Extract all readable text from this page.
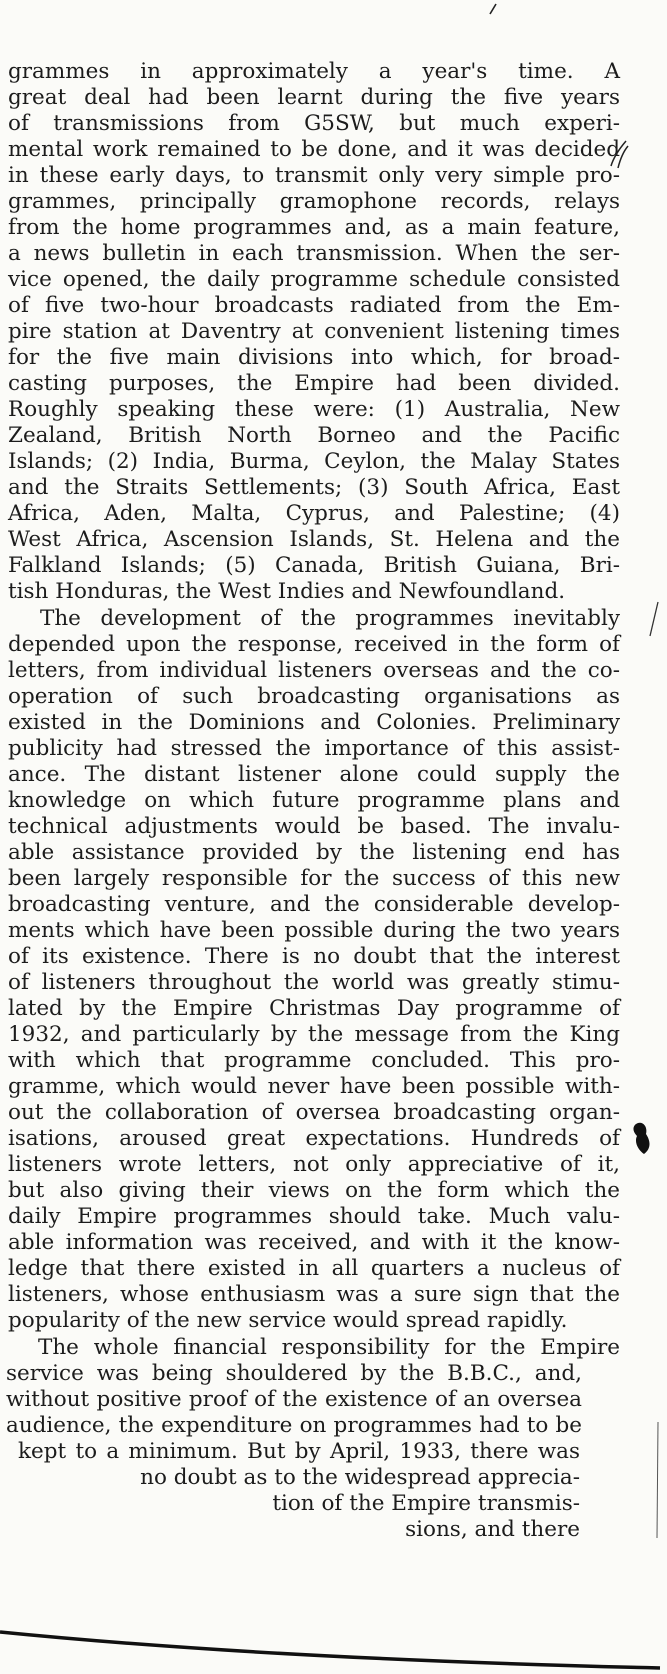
grammes in approximately a year's time. A
great deal had been learnt during the five years
of transmissions from G5SW, but much experi-
mental work remained to be done, and it was decided
in these early days, to transmit only very simple pro-
grammes, principally gramophone records, relays
from the home programmes and, as a main feature,
a news bulletin in each transmission. When the ser-
vice opened, the daily programme schedule consisted
of five two-hour broadcasts radiated from the Em-
pire station at Daventry at convenient listening times
for the five main divisions into which, for broad-
casting purposes, the Empire had been divided.
Roughly speaking these were: (1) Australia, New
Zealand, British North Borneo and the Pacific
Islands; (2) India, Burma, Ceylon, the Malay States
and the Straits Settlements; (3) South Africa, East
Africa, Aden, Malta, Cyprus, and Palestine; (4)
West Africa, Ascension Islands, St. Helena and the
Falkland Islands; (5) Canada, British Guiana, Bri-
tish Honduras, the West Indies and Newfoundland.
The development of the programmes inevitably
depended upon the response, received in the form of
letters, from individual listeners overseas and the co-
operation of such broadcasting organisations as
existed in the Dominions and Colonies. Preliminary
publicity had stressed the importance of this assist-
ance. The distant listener alone could supply the
knowledge on which future programme plans and
technical adjustments would be based. The invalu-
able assistance provided by the listening end has
been largely responsible for the success of this new
broadcasting venture, and the considerable develop-
ments which have been possible during the two years
of its existence. There is no doubt that the interest
of listeners throughout the world was greatly stimu-
lated by the Empire Christmas Day programme of
1932, and particularly by the message from the King
with which that programme concluded. This pro-
gramme, which would never have been possible with-
out the collaboration of oversea broadcasting organ-
isations, aroused great expectations. Hundreds of
listeners wrote letters, not only appreciative of it,
but also giving their views on the form which the
daily Empire programmes should take. Much valu-
able information was received, and with it the know-
ledge that there existed in all quarters a nucleus of
listeners, whose enthusiasm was a sure sign that the
popularity of the new service would spread rapidly.
The whole financial responsibility for the Empire
service was being shouldered by the B.B.C., and,
without positive proof of the existence of an oversea
audience, the expenditure on programmes had to be
kept to a minimum. But by April, 1933, there was
no doubt as to the widespread apprecia-
tion of the Empire transmis-
sions, and there
